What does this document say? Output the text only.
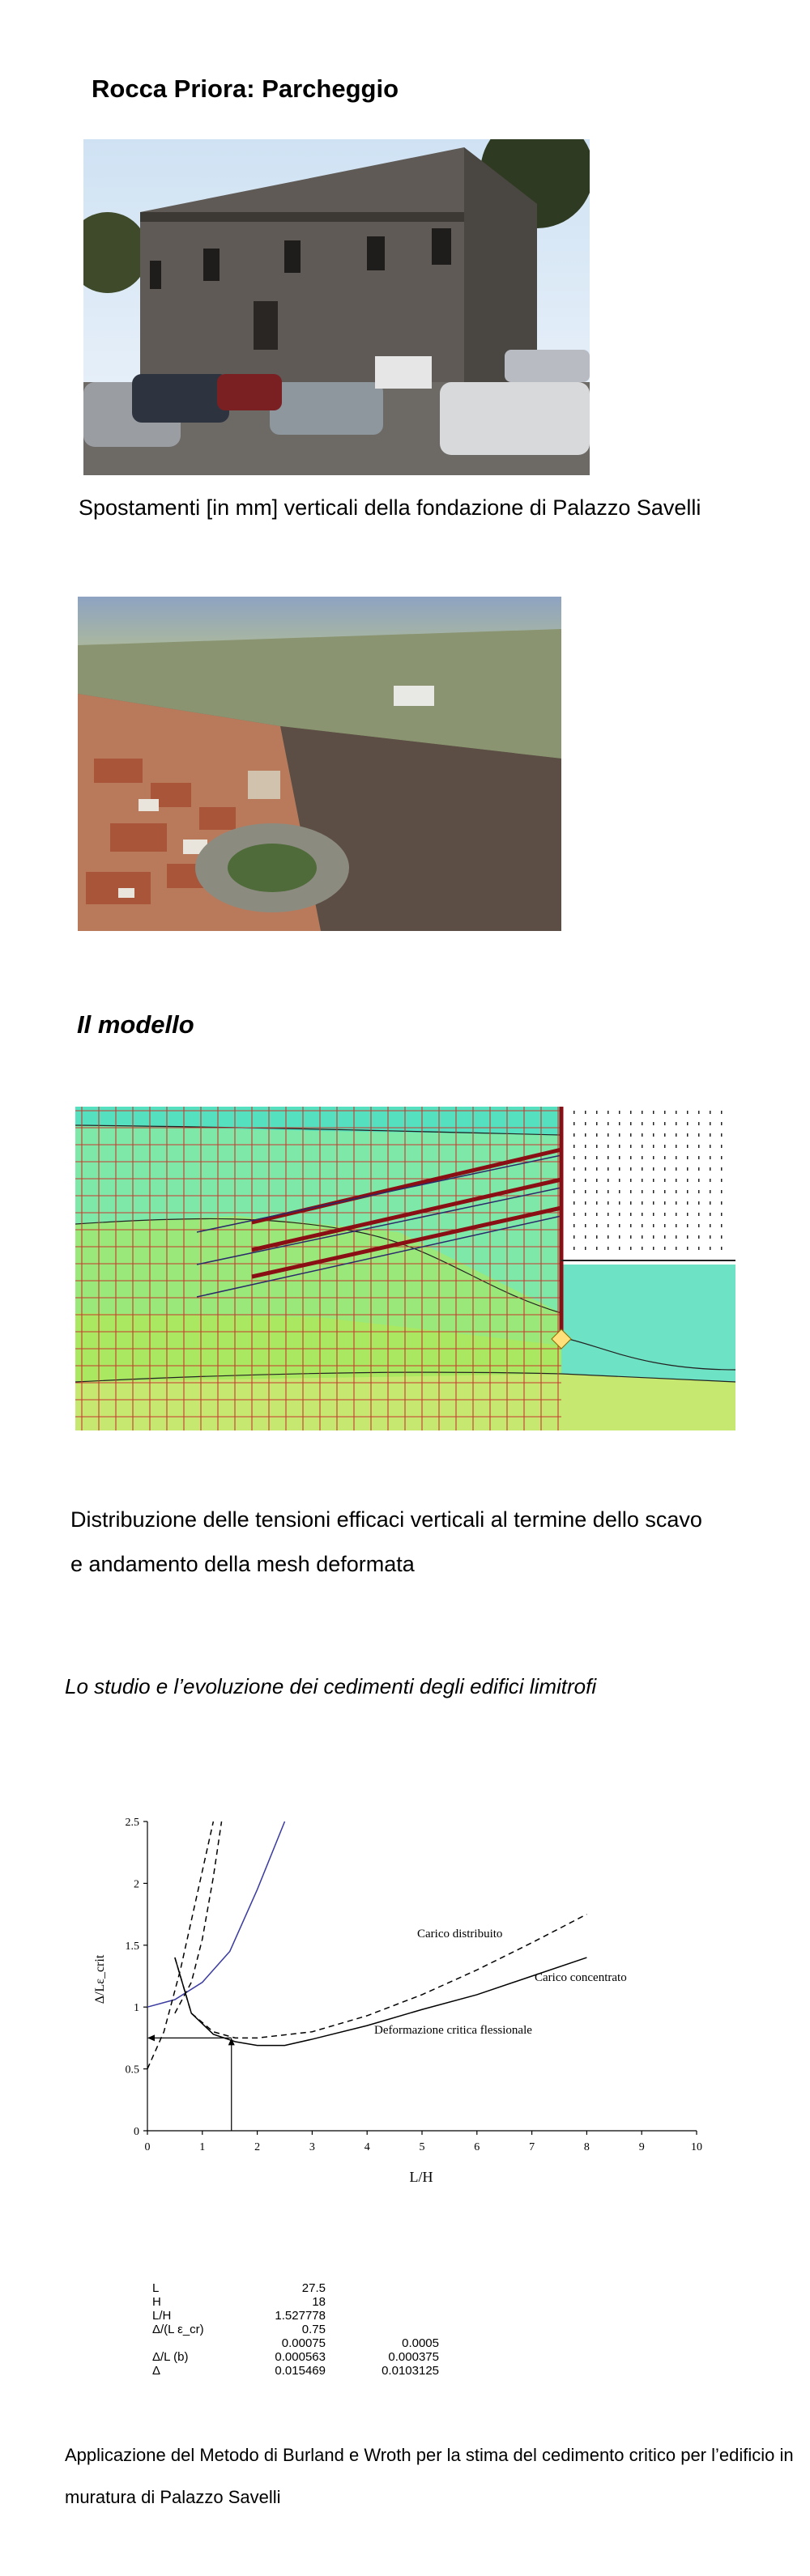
Rocca Priora: Parcheggio
Spostamenti [in mm] verticali della fondazione di Palazzo Savelli
Il modello
Distribuzione delle tensioni efficaci verticali al termine dello scavo
e andamento della mesh deformata
Lo studio e l’evoluzione dei cedimenti degli edifici limitrofi
0	1	2	3	4	5	6	7	8	9	10
0
0.5
1
1.5
2
2.5
L/H
Δ/Lε_crit
Carico distribuito
Carico concentrato
Deformazione critica flessionale
L	27.5	
H	18	
L/H	1.527778	
Δ/(L ε_cr)	0.75	
	0.00075	0.0005
Δ/L (b)	0.000563	0.000375
Δ	0.015469	0.0103125
Applicazione del Metodo di Burland e Wroth per la stima del cedimento critico per l’edificio in
muratura di Palazzo Savelli
